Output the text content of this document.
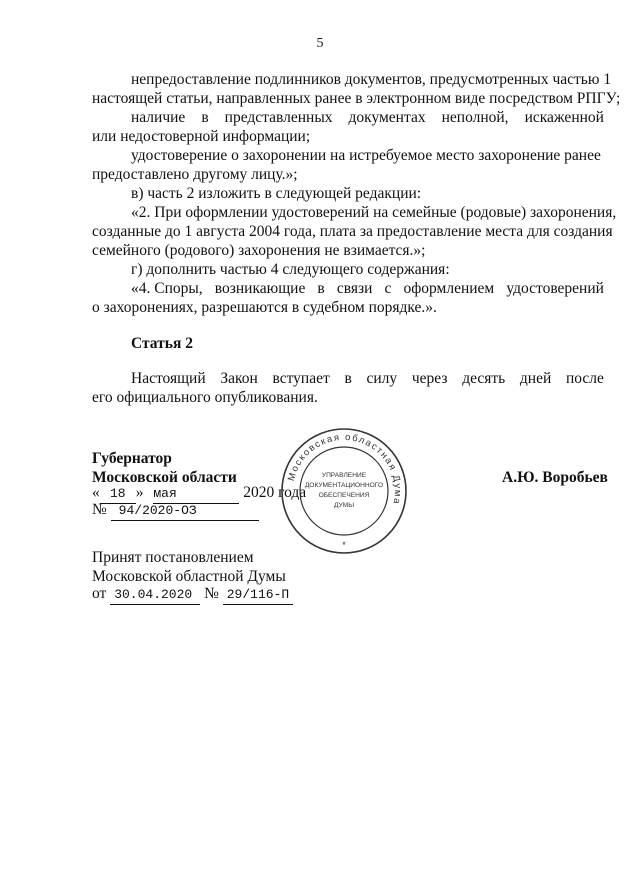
5
непредоставление подлинников документов, предусмотренных частью 1
настоящей статьи, направленных ранее в электронном виде посредством РПГУ;
наличие в представленных документах неполной, искаженной
или недостоверной информации;
удостоверение о захоронении на истребуемое место захоронение ранее
предоставлено другому лицу.»;
в) часть 2 изложить в следующей редакции:
«2. При оформлении удостоверений на семейные (родовые) захоронения,
созданные до 1 августа 2004 года, плата за предоставление места для создания
семейного (родового) захоронения не взимается.»;
г) дополнить частью 4 следующего содержания:
«4. Споры, возникающие в связи с оформлением удостоверений
о захоронениях, разрешаются в судебном порядке.».
Статья 2
Настоящий Закон вступает в силу через десять дней после
его официального опубликования.
Губернатор
Московской области	А.Ю. Воробьев
« 18 » мая	2020 года
№ 94/2020-ОЗ
Принят постановлением
Московской областной Думы
от 30.04.2020 № 29/116-П
Московская областная Дума
УПРАВЛЕНИЕ
ДОКУМЕНТАЦИОННОГО
ОБЕСПЕЧЕНИЯ
ДУМЫ
*
